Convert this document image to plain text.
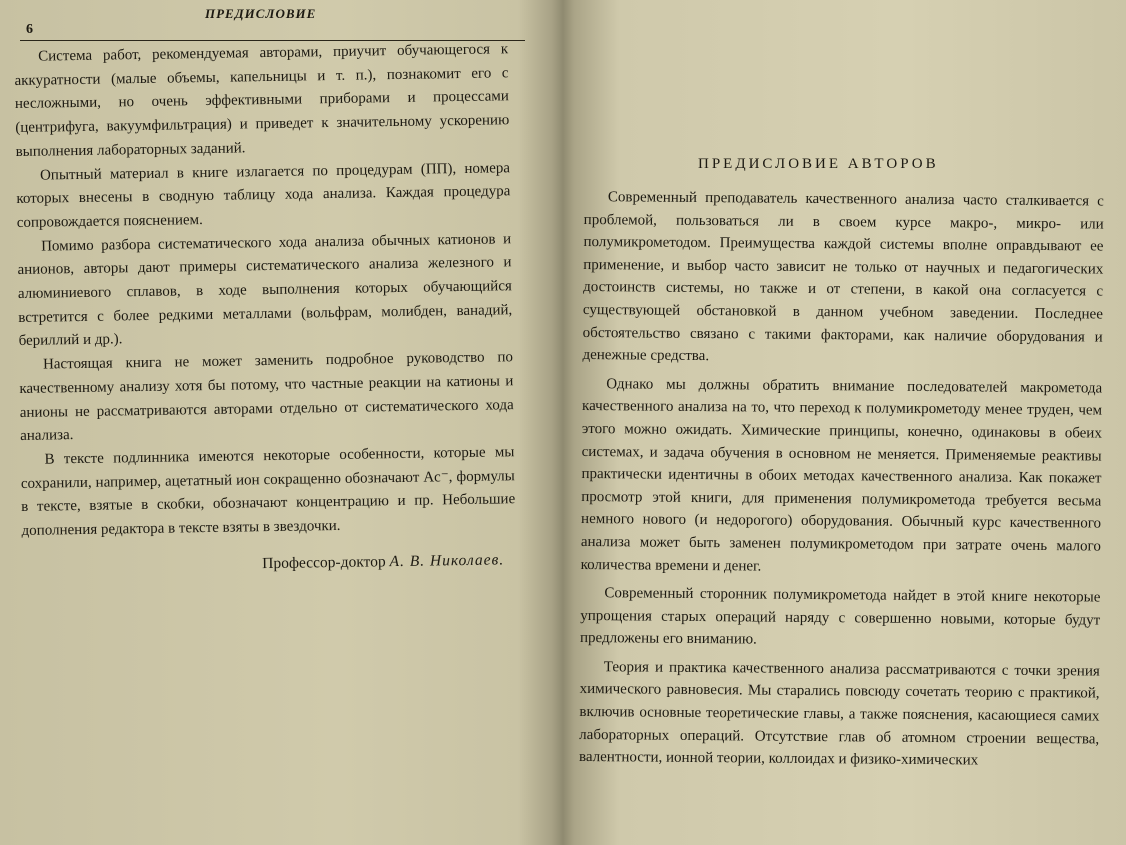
ПРЕДИСЛОВИЕ
6

Система работ, рекомендуемая авторами, приучит обучающегося к аккуратности (малые объемы, капельницы и т. п.), познакомит его с несложными, но очень эффективными приборами и процессами (центрифуга, вакуумфильтрация) и приведет к значительному ускорению выполнения лабораторных заданий.

Опытный материал в книге излагается по процедурам (ПП), номера которых внесены в сводную таблицу хода анализа. Каждая процедура сопровождается пояснением.

Помимо разбора систематического хода анализа обычных катионов и анионов, авторы дают примеры систематического анализа железного и алюминиевого сплавов, в ходе выполнения которых обучающийся встретится с более редкими металлами (вольфрам, молибден, ванадий, бериллий и др.).

Настоящая книга не может заменить подробное руководство по качественному анализу хотя бы потому, что частные реакции на катионы и анионы не рассматриваются авторами отдельно от систематического хода анализа.

В тексте подлинника имеются некоторые особенности, которые мы сохранили, например, ацетатный ион сокращенно обозначают Ac⁻, формулы в тексте, взятые в скобки, обозначают концентрацию и пр. Небольшие дополнения редактора в тексте взяты в звездочки.

Профессор-доктор А. В. Николаев.

ПРЕДИСЛОВИЕ АВТОРОВ

Современный преподаватель качественного анализа часто сталкивается с проблемой, пользоваться ли в своем курсе макро-, микро- или полумикрометодом. Преимущества каждой системы вполне оправдывают ее применение, и выбор часто зависит не только от научных и педагогических достоинств системы, но также и от степени, в какой она согласуется с существующей обстановкой в данном учебном заведении. Последнее обстоятельство связано с такими факторами, как наличие оборудования и денежные средства.

Однако мы должны обратить внимание последователей макрометода качественного анализа на то, что переход к полумикрометоду менее труден, чем этого можно ожидать. Химические принципы, конечно, одинаковы в обеих системах, и задача обучения в основном не меняется. Применяемые реактивы практически идентичны в обоих методах качественного анализа. Как покажет просмотр этой книги, для применения полумикрометода требуется весьма немного нового (и недорогого) оборудования. Обычный курс качественного анализа может быть заменен полумикрометодом при затрате очень малого количества времени и денег.

Современный сторонник полумикрометода найдет в этой книге некоторые упрощения старых операций наряду с совершенно новыми, которые будут предложены его вниманию.

Теория и практика качественного анализа рассматриваются с точки зрения химического равновесия. Мы старались повсюду сочетать теорию с практикой, включив основные теоретические главы, а также пояснения, касающиеся самих лабораторных операций. Отсутствие глав об атомном строении вещества, валентности, ионной теории, коллоидах и физико-химических
